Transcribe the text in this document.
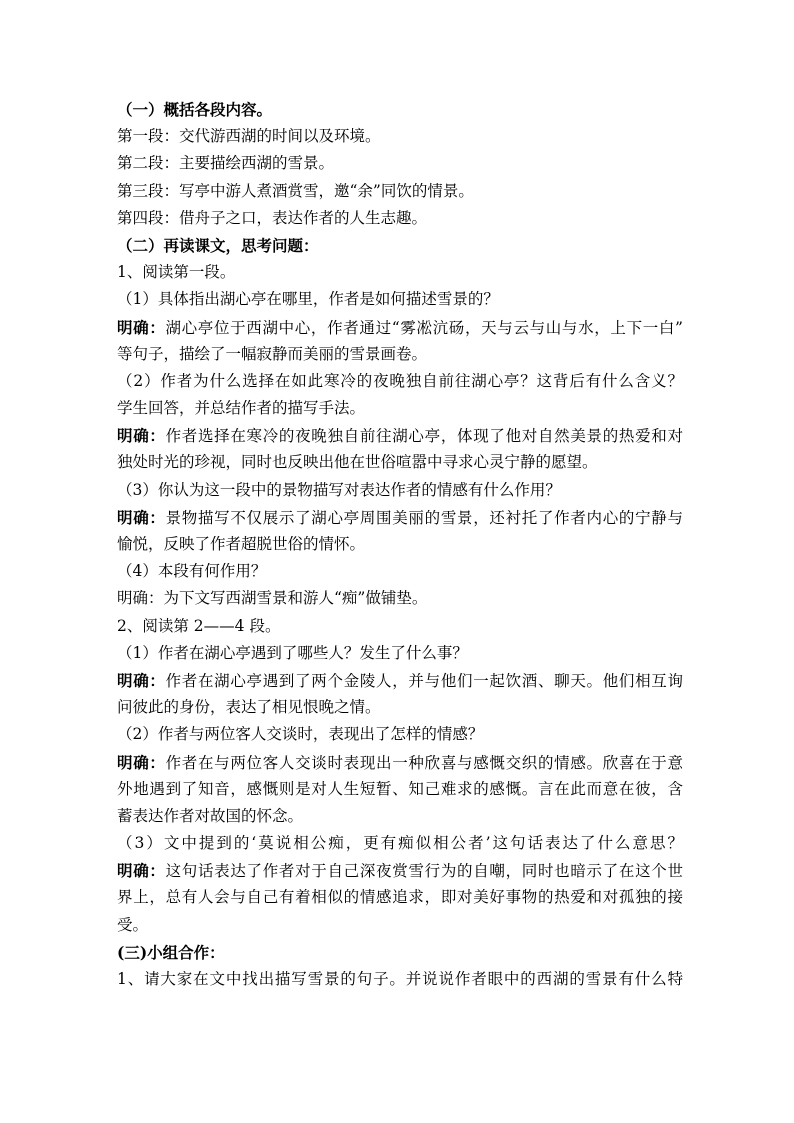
（一）概括各段内容。
第一段：交代游西湖的时间以及环境。
第二段：主要描绘西湖的雪景。
第三段：写亭中游人煮酒赏雪，邀“余”同饮的情景。
第四段：借舟子之口，表达作者的人生志趣。
（二）再读课文，思考问题：
1、阅读第一段。
（1）具体指出湖心亭在哪里，作者是如何描述雪景的？
明确：湖心亭位于西湖中心，作者通过“雾凇沆砀，天与云与山与水，上下一白”
等句子，描绘了一幅寂静而美丽的雪景画卷。
（2）作者为什么选择在如此寒冷的夜晚独自前往湖心亭？这背后有什么含义？
学生回答，并总结作者的描写手法。
明确：作者选择在寒冷的夜晚独自前往湖心亭，体现了他对自然美景的热爱和对
独处时光的珍视，同时也反映出他在世俗喧嚣中寻求心灵宁静的愿望。
（3）你认为这一段中的景物描写对表达作者的情感有什么作用？
明确：景物描写不仅展示了湖心亭周围美丽的雪景，还衬托了作者内心的宁静与
愉悦，反映了作者超脱世俗的情怀。
（4）本段有何作用？
明确：为下文写西湖雪景和游人“痴”做铺垫。
2、阅读第 2——4 段。
（1）作者在湖心亭遇到了哪些人？发生了什么事？
明确：作者在湖心亭遇到了两个金陵人，并与他们一起饮酒、聊天。他们相互询
问彼此的身份，表达了相见恨晚之情。
（2）作者与两位客人交谈时，表现出了怎样的情感？
明确：作者在与两位客人交谈时表现出一种欣喜与感慨交织的情感。欣喜在于意
外地遇到了知音，感慨则是对人生短暂、知己难求的感慨。言在此而意在彼，含
蓄表达作者对故国的怀念。
（3）文中提到的‘莫说相公痴，更有痴似相公者’这句话表达了什么意思？
明确：这句话表达了作者对于自己深夜赏雪行为的自嘲，同时也暗示了在这个世
界上，总有人会与自己有着相似的情感追求，即对美好事物的热爱和对孤独的接
受。
(三)小组合作：
1、请大家在文中找出描写雪景的句子。并说说作者眼中的西湖的雪景有什么特
